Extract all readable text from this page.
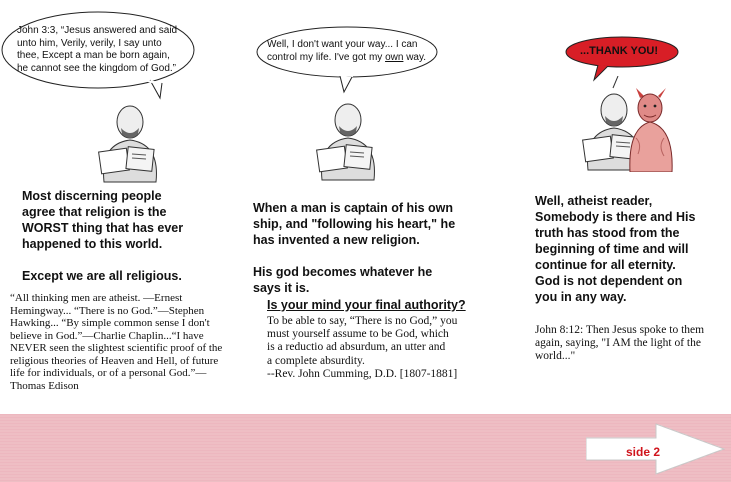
John 3:3, “Jesus answered and said
unto him, Verily, verily, I say unto
thee, Except a man be born again,
he cannot see the kingdom of God.”
Most discerning people
agree that religion is the
WORST thing that has ever
happened to this world.
Except we are all religious.
“All thinking men are atheist. —Ernest
Hemingway... “There is no God.”—Stephen
Hawking... “By simple common sense I don't
believe in God.”—Charlie Chaplin...“I have
NEVER seen the slightest scientific proof of the
religious theories of Heaven and Hell, of future
life for individuals, or of a personal God.”—
Thomas Edison
Well, I don't want your way... I can
control my life. I've got my own way.
When a man is captain of his own
ship, and "following his heart," he
has invented a new religion.
His god becomes whatever he
says it is.
Is your mind your final authority?
To be able to say, “There is no God,” you
must yourself assume to be God, which
is a reductio ad absurdum, an utter and
a complete absurdity.
--Rev. John Cumming, D.D. [1807-1881]
...THANK YOU!
Well, atheist reader,
Somebody is there and His
truth has stood from the
beginning of time and will
continue for all eternity.
God is not dependent on
you in any way.
John 8:12: Then Jesus spoke to them
again, saying, "I AM the light of the
world..."
side 2
